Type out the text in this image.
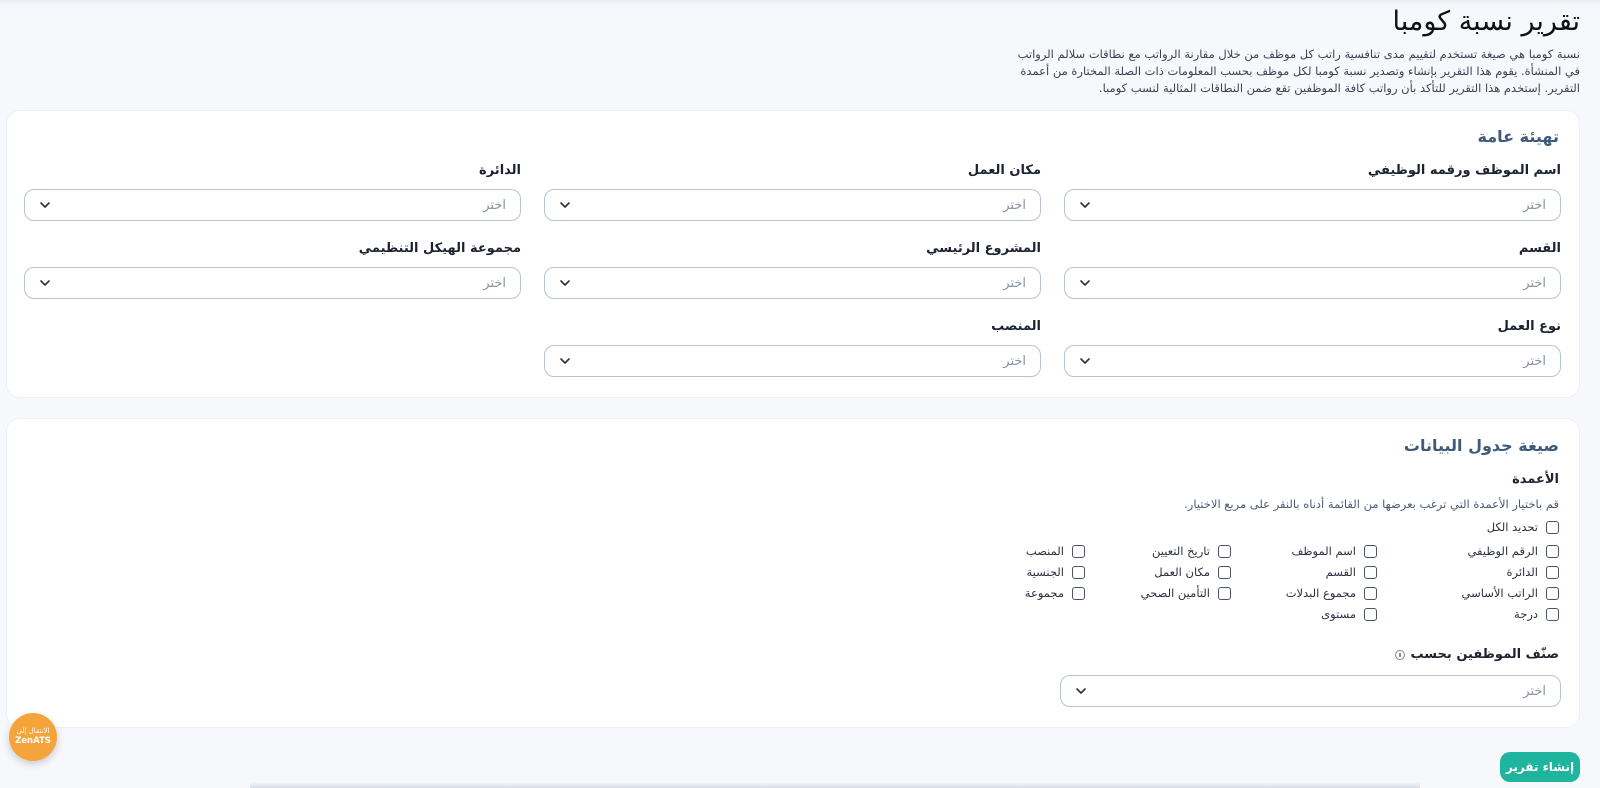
تقرير نسبة كومبا

نسبة كومبا هي صيغة تستخدم لتقييم مدى تنافسية راتب كل موظف من خلال مقارنة الرواتب مع نطاقات سلالم الرواتب في المنشأة. يقوم هذا التقرير بإنشاء وتصدير نسبة كومبا لكل موظف بحسب المعلومات ذات الصلة المختارة من أعمدة التقرير. إستخدم هذا التقرير للتأكد بأن رواتب كافة الموظفين تقع ضمن النطاقات المثالية لنسب كومبا.

تهيئة عامة
اسم الموظف ورقمه الوظيفي
اختر
مكان العمل
اختر
الدائرة
اختر
القسم
اختر
المشروع الرئيسي
اختر
مجموعة الهيكل التنظيمي
اختر
نوع العمل
اختر
المنصب
اختر
صيغة جدول البيانات
الأعمدة
قم باختيار الأعمدة التي ترغب بعرضها من القائمة أدناه بالنقر على مربع الاختيار.
تحديد الكل
الرقم الوظيفي
اسم الموظف
تاريخ التعيين
المنصب
الدائرة
القسم
مكان العمل
الجنسية
الراتب الأساسي
مجموع البدلات
التأمين الصحي
مجموعة
درجة
مستوى
صنّف الموظفين بحسب
اختر
الانتقال إلى
ZenATS
إنشاء تقرير
